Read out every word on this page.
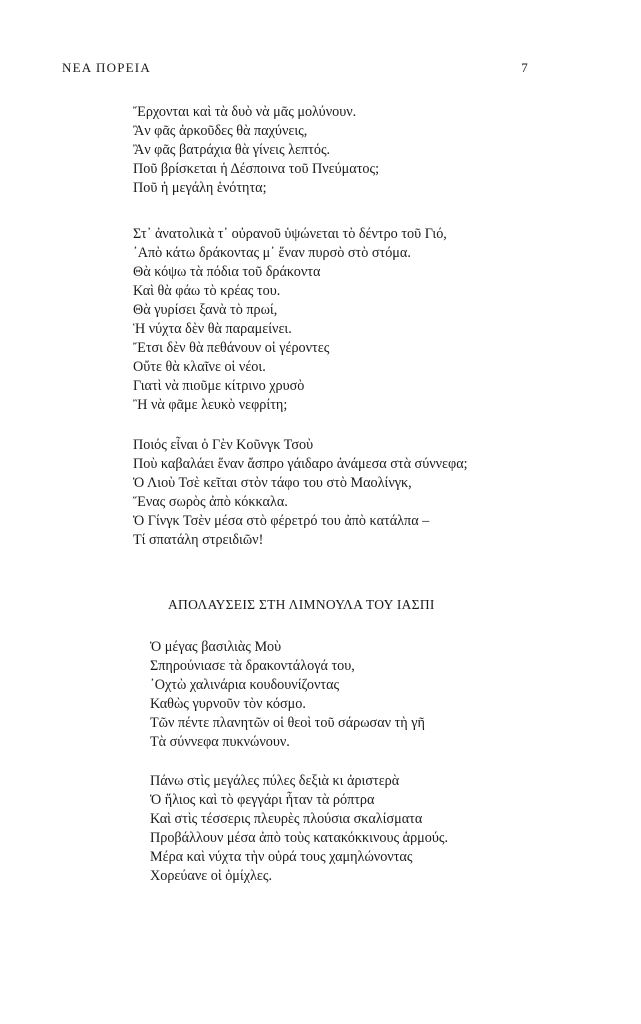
ΝΕΑ ΠΟΡΕΙΑ	7
Ἔρχονται καὶ τὰ δυὸ νὰ μᾶς μολύνουν.
Ἂν φᾶς ἀρκοῦδες θὰ παχύνεις,
Ἂν φᾶς βατράχια θὰ γίνεις λεπτός.
Ποῦ βρίσκεται ἡ Δέσποινα τοῦ Πνεύματος;
Ποῦ ἡ μεγάλη ἑνότητα;
Στ᾽ ἀνατολικὰ τ᾽ οὐρανοῦ ὑψώνεται τὸ δέντρο τοῦ Γιό,
᾽Απὸ κάτω δράκοντας μ᾽ ἕναν πυρσὸ στὸ στόμα.
Θὰ κόψω τὰ πόδια τοῦ δράκοντα
Καὶ θὰ φάω τὸ κρέας του.
Θὰ γυρίσει ξανὰ τὸ πρωί,
Ἡ νύχτα δὲν θὰ παραμείνει.
Ἔτσι δὲν θὰ πεθάνουν οἱ γέροντες
Οὔτε θὰ κλαῖνε οἱ νέοι.
Γιατὶ νὰ πιοῦμε κίτρινο χρυσὸ
Ἢ νὰ φᾶμε λευκὸ νεφρίτη;
Ποιός εἶναι ὁ Γὲν Κοῦνγκ Τσοὺ
Ποὺ καβαλάει ἕναν ἄσπρο γάιδαρο ἀνάμεσα στὰ σύννεφα;
Ὁ Λιοὺ Τσὲ κεῖται στὸν τάφο του στὸ Μαολίνγκ,
Ἕνας σωρὸς ἀπὸ κόκκαλα.
Ὁ Γίνγκ Τσὲν μέσα στὸ φέρετρό του ἀπὸ κατάλπα –
Τί σπατάλη στρειδιῶν!
ΑΠΟΛΑΥΣΕΙΣ ΣΤΗ ΛΙΜΝΟΥΛΑ ΤΟΥ ΙΑΣΠΙ
Ὁ μέγας βασιλιὰς Μοὺ
Σπηρούνιασε τὰ δρακοντάλογά του,
᾽Οχτὼ χαλινάρια κουδουνίζοντας
Καθὼς γυρνοῦν τὸν κόσμο.
Τῶν πέντε πλανητῶν οἱ θεοὶ τοῦ σάρωσαν τὴ γῆ
Τὰ σύννεφα πυκνώνουν.
Πάνω στὶς μεγάλες πύλες δεξιὰ κι ἀριστερὰ
Ὁ ἥλιος καὶ τὸ φεγγάρι ἦταν τὰ ρόπτρα
Καὶ στὶς τέσσερις πλευρὲς πλούσια σκαλίσματα
Προβάλλουν μέσα ἀπὸ τοὺς κατακόκκινους ἁρμούς.
Μέρα καὶ νύχτα τὴν οὐρά τους χαμηλώνοντας
Χορεύανε οἱ ὁμίχλες.
